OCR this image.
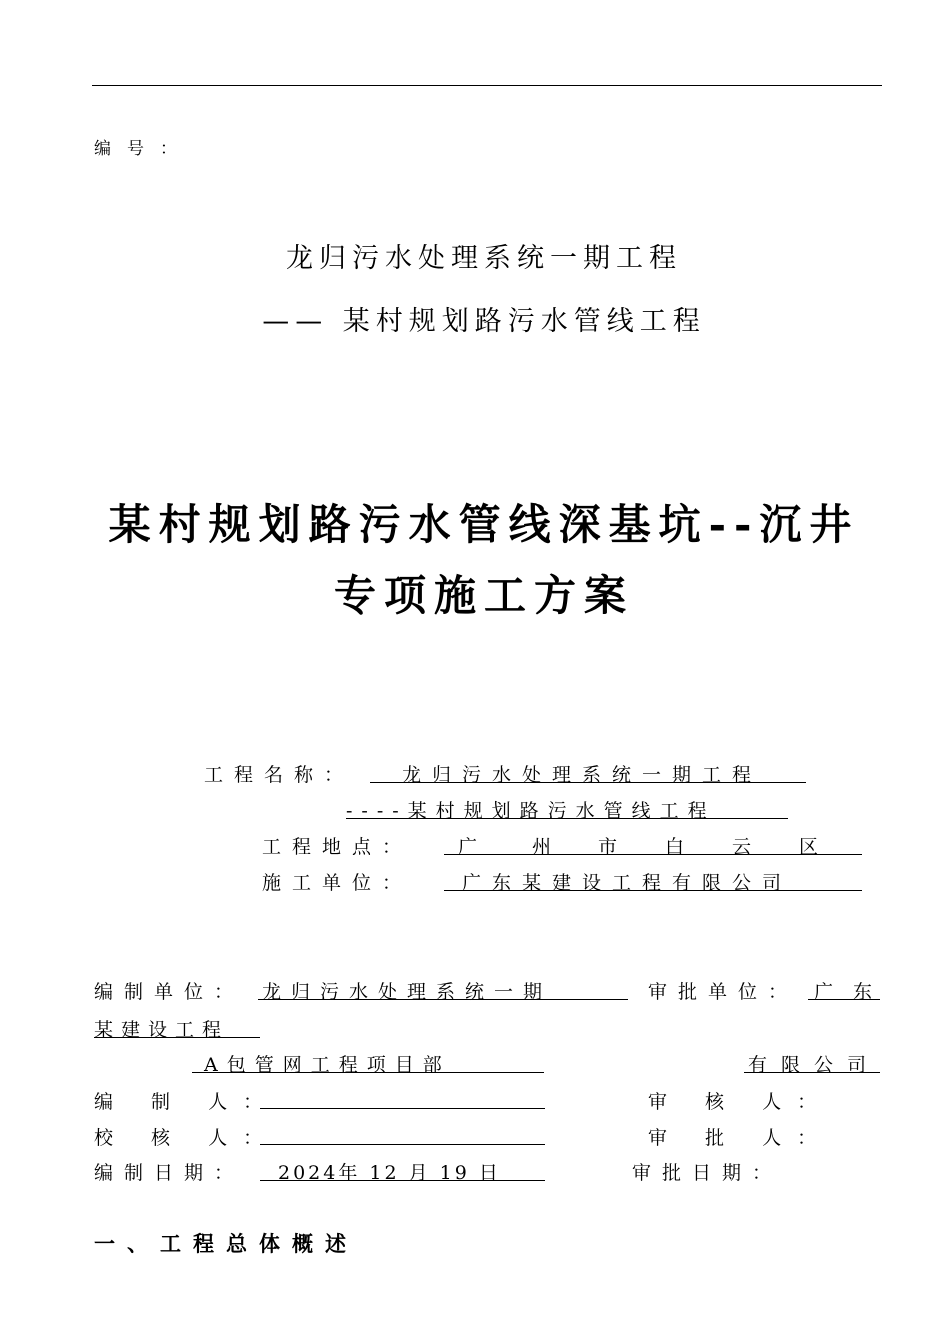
编号：
龙归污水处理系统一期工程
—— 某村规划路污水管线工程
某村规划路污水管线深基坑--沉井
专项施工方案
工程名称：	龙归污水处理系统一期工程
----某村规划路污水管线工程
工程地点： 广 州 市 白 云 区
施工单位：	广东某建设工程有限公司
编制单位： 龙归污水处理系统一期	审批单位： 广东
某建设工程
A包管网工程项目部	有限公司
编 制 人：	审 核 人：
校 核 人：	审 批 人：
编制日期： 2024年 12 月 19 日	审批日期：
一、工程总体概述
